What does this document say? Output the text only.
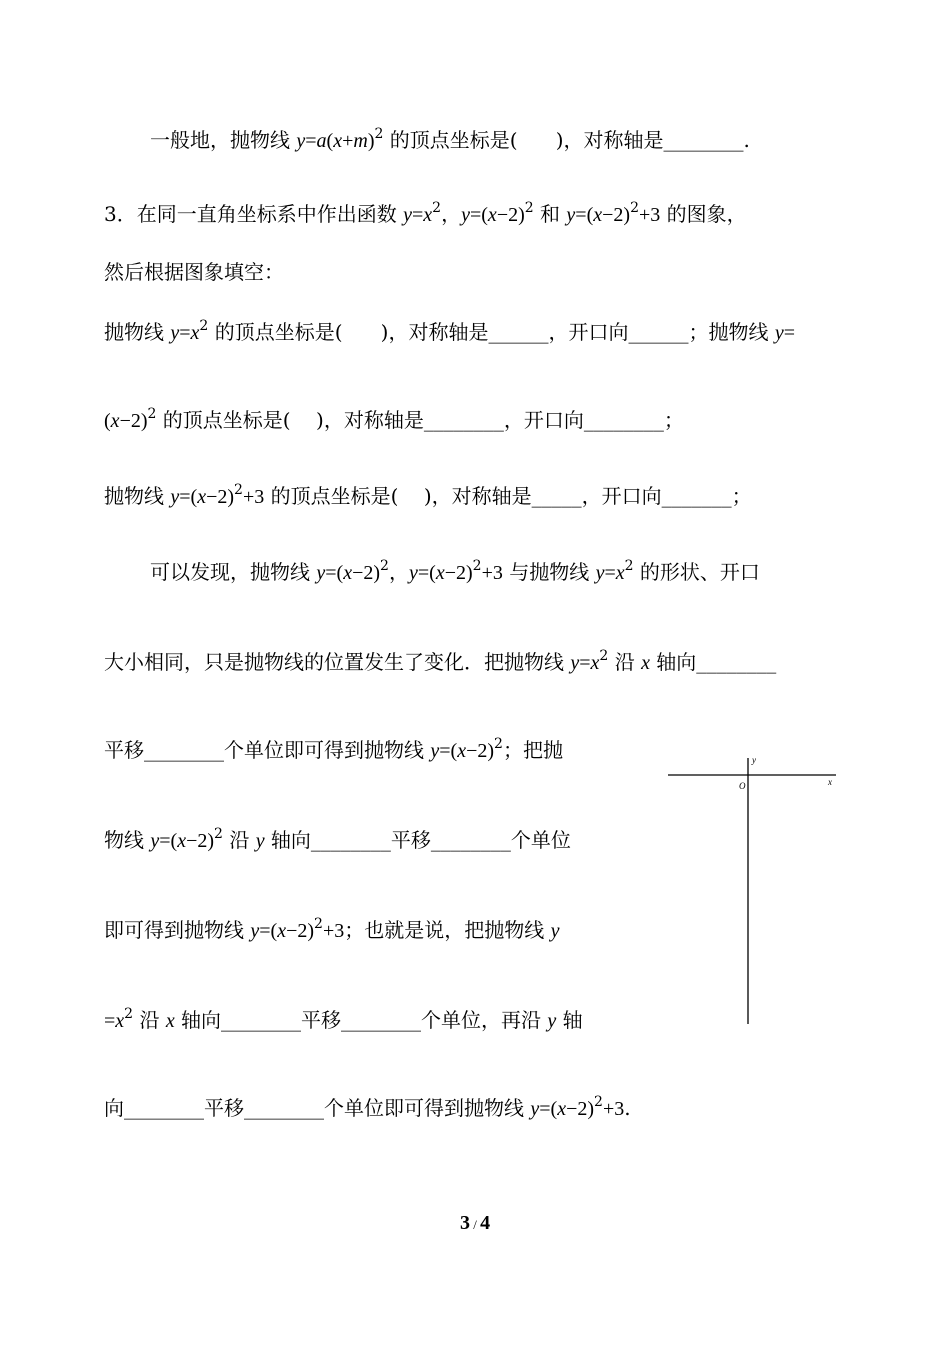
一般地，抛物线 $y=a(x+m)^2$ 的顶点坐标是(      )，对称轴是________.
3．在同一直角坐标系中作出函数 $y=x^2$，$y=(x-2)^2$ 和 $y=(x-2)^2+3$ 的图象，
然后根据图象填空：
抛物线 $y=x^2$ 的顶点坐标是(      )，对称轴是______，开口向______；抛物线 y=
$(x-2)^2$ 的顶点坐标是(    )，对称轴是________，开口向________；
抛物线 $y=(x-2)^2+3$ 的顶点坐标是(    )，对称轴是_____，开口向_______；
可以发现，抛物线 $y=(x-2)^2$，$y=(x-2)^2+3$ 与抛物线 $y=x^2$ 的形状、开口
大小相同，只是抛物线的位置发生了变化．把抛物线 $y=x^2$ 沿 x 轴向________
平移________个单位即可得到抛物线 $y=(x-2)^2$；把抛
物线 $y=(x-2)^2$ 沿 y 轴向________平移________个单位
即可得到抛物线 $y=(x-2)^2+3$；也就是说，把抛物线 y
$=x^2$ 沿 x 轴向________平移________个单位，再沿 y 轴
向________平移________个单位即可得到抛物线 $y=(x-2)^2+3$.
y
x
O
3 / 4
